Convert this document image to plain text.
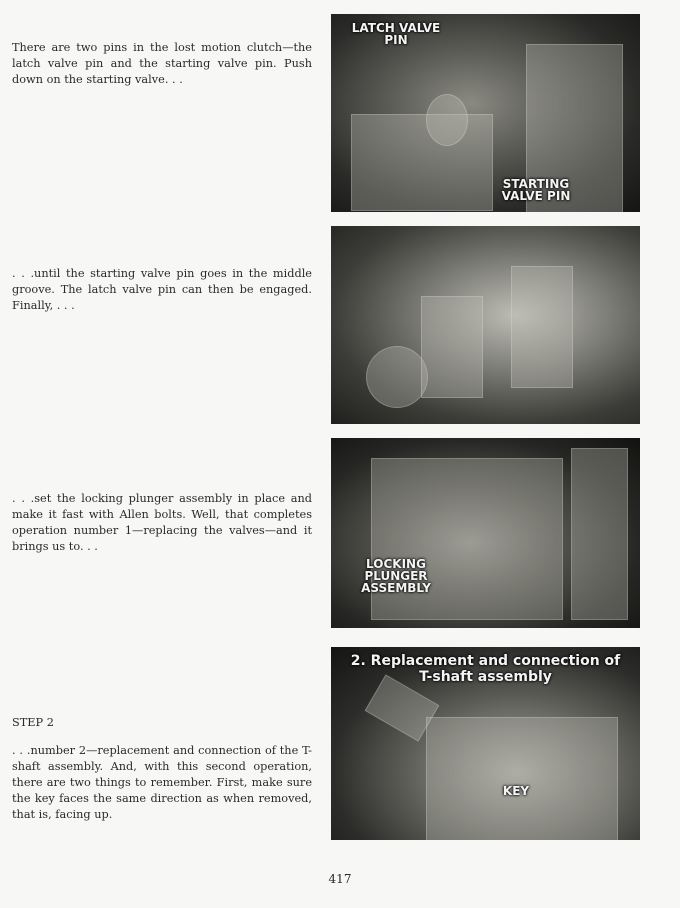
There are two pins in the lost motion clutch—the latch valve pin and the starting valve pin. Push down on the starting valve. . .
. . .until the starting valve pin goes in the middle groove. The latch valve pin can then be engaged. Finally, . . .
. . .set the locking plunger assembly in place and make it fast with Allen bolts. Well, that completes operation number 1—replacing the valves—and it brings us to. . .
STEP 2
. . .number 2—replacement and connection of the T-shaft assembly. And, with this second operation, there are two things to remember. First, make sure the key faces the same direction as when removed, that is, facing up.
LATCH VALVE PIN
STARTING VALVE PIN
LOCKING PLUNGER ASSEMBLY
2. Replacement and connection of
T-shaft assembly
KEY
417
